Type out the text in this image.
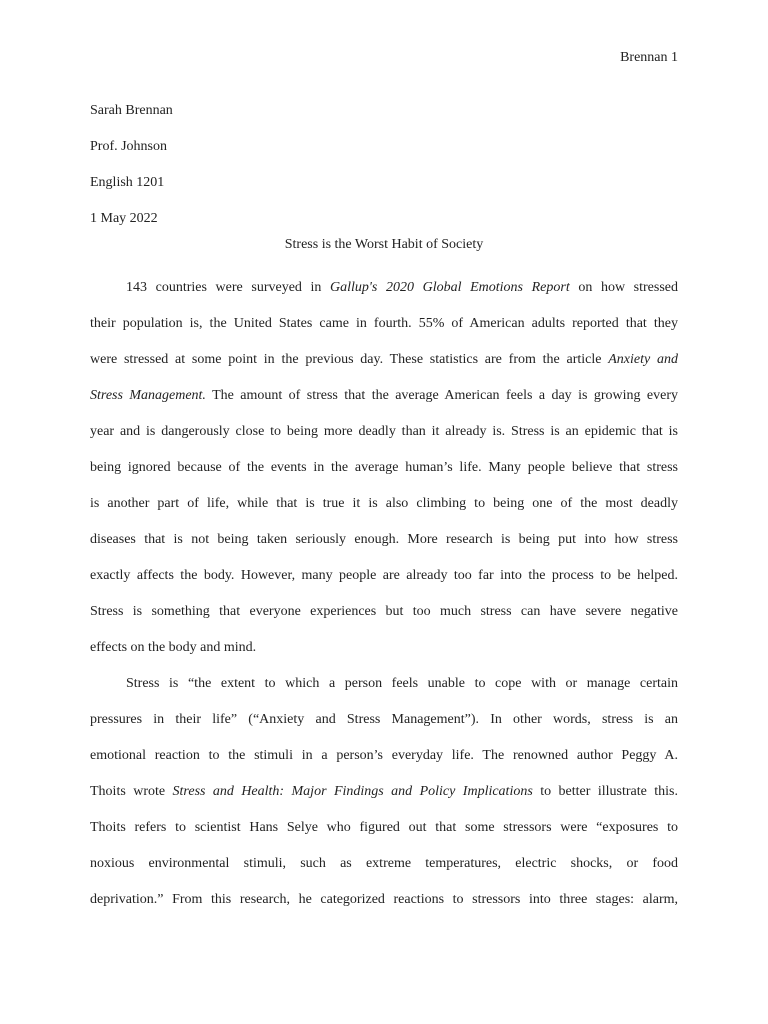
Brennan 1
Sarah Brennan
Prof. Johnson
English 1201
1 May 2022
Stress is the Worst Habit of Society
143 countries were surveyed in Gallup's 2020 Global Emotions Report on how stressed
their population is, the United States came in fourth. 55% of American adults reported that they
were stressed at some point in the previous day. These statistics are from the article Anxiety and
Stress Management. The amount of stress that the average American feels a day is growing every
year and is dangerously close to being more deadly than it already is. Stress is an epidemic that is
being ignored because of the events in the average human’s life. Many people believe that stress
is another part of life, while that is true it is also climbing to being one of the most deadly
diseases that is not being taken seriously enough. More research is being put into how stress
exactly affects the body. However, many people are already too far into the process to be helped.
Stress is something that everyone experiences but too much stress can have severe negative
effects on the body and mind.
Stress is “the extent to which a person feels unable to cope with or manage certain
pressures in their life” (“Anxiety and Stress Management”). In other words, stress is an
emotional reaction to the stimuli in a person’s everyday life. The renowned author Peggy A.
Thoits wrote Stress and Health: Major Findings and Policy Implications to better illustrate this.
Thoits refers to scientist Hans Selye who figured out that some stressors were “exposures to
noxious environmental stimuli, such as extreme temperatures, electric shocks, or food
deprivation.” From this research, he categorized reactions to stressors into three stages: alarm,
